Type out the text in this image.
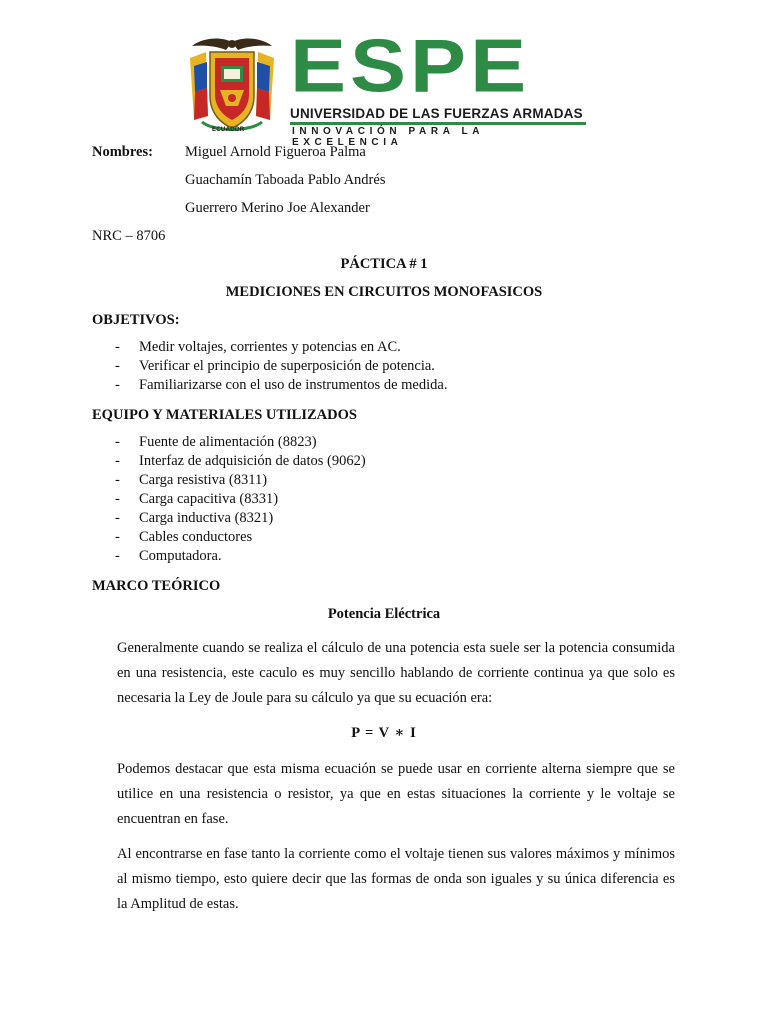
ECUADOR
ESPE
UNIVERSIDAD DE LAS FUERZAS ARMADAS
INNOVACIÓN PARA LA EXCELENCIA
Nombres: Miguel Arnold Figueroa Palma
Guachamín Taboada Pablo Andrés
Guerrero Merino Joe Alexander
NRC – 8706
PÁCTICA # 1
MEDICIONES EN CIRCUITOS MONOFASICOS
OBJETIVOS:
- Medir voltajes, corrientes y potencias en AC.
- Verificar el principio de superposición de potencia.
- Familiarizarse con el uso de instrumentos de medida.
EQUIPO Y MATERIALES UTILIZADOS
- Fuente de alimentación (8823)
- Interfaz de adquisición de datos (9062)
- Carga resistiva (8311)
- Carga capacitiva (8331)
- Carga inductiva (8321)
- Cables conductores
- Computadora.
MARCO TEÓRICO
Potencia Eléctrica
Generalmente cuando se realiza el cálculo de una potencia esta suele ser la potencia consumida en una resistencia, este caculo es muy sencillo hablando de corriente continua ya que solo es necesaria la Ley de Joule para su cálculo ya que su ecuación era:
P = V ∗ I
Podemos destacar que esta misma ecuación se puede usar en corriente alterna siempre que se utilice en una resistencia o resistor, ya que en estas situaciones la corriente y le voltaje se encuentran en fase.
Al encontrarse en fase tanto la corriente como el voltaje tienen sus valores máximos y mínimos al mismo tiempo, esto quiere decir que las formas de onda son iguales y su única diferencia es la Amplitud de estas.
